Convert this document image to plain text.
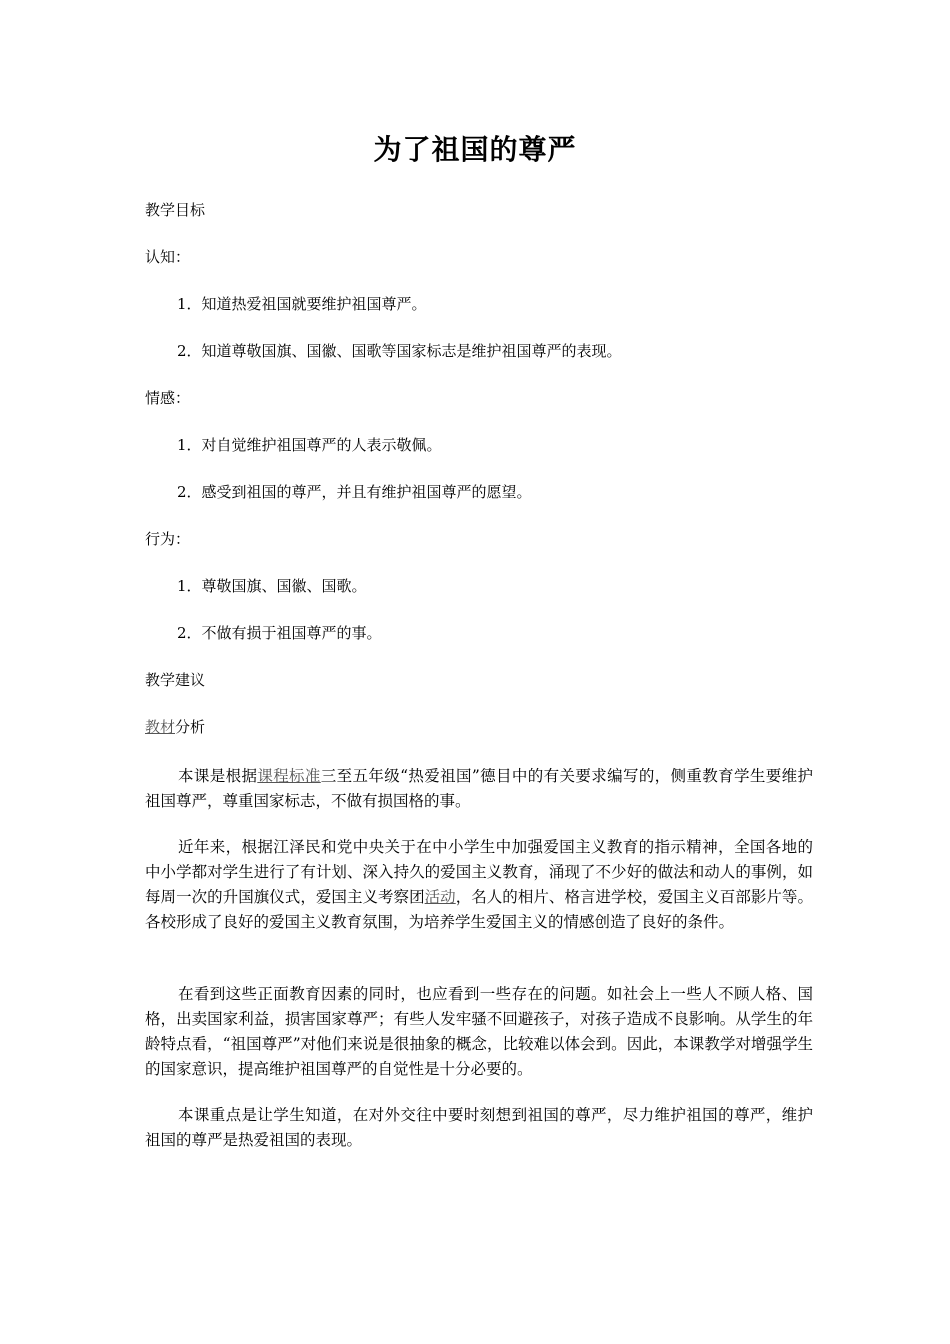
为了祖国的尊严
教学目标
认知：
1．知道热爱祖国就要维护祖国尊严。
2．知道尊敬国旗、国徽、国歌等国家标志是维护祖国尊严的表现。
情感：
1．对自觉维护祖国尊严的人表示敬佩。
2．感受到祖国的尊严，并且有维护祖国尊严的愿望。
行为：
1．尊敬国旗、国徽、国歌。
2．不做有损于祖国尊严的事。
教学建议
教材分析

本课是根据课程标准三至五年级“热爱祖国”德目中的有关要求编写的，侧重教育学生要维护祖国尊严，尊重国家标志，不做有损国格的事。

近年来，根据江泽民和党中央关于在中小学生中加强爱国主义教育的指示精神，全国各地的中小学都对学生进行了有计划、深入持久的爱国主义教育，涌现了不少好的做法和动人的事例，如每周一次的升国旗仪式，爱国主义考察团活动，名人的相片、格言进学校，爱国主义百部影片等。各校形成了良好的爱国主义教育氛围，为培养学生爱国主义的情感创造了良好的条件。

在看到这些正面教育因素的同时，也应看到一些存在的问题。如社会上一些人不顾人格、国格，出卖国家利益，损害国家尊严；有些人发牢骚不回避孩子，对孩子造成不良影响。从学生的年龄特点看，“祖国尊严”对他们来说是很抽象的概念，比较难以体会到。因此，本课教学对增强学生的国家意识，提高维护祖国尊严的自觉性是十分必要的。

本课重点是让学生知道，在对外交往中要时刻想到祖国的尊严，尽力维护祖国的尊严，维护祖国的尊严是热爱祖国的表现。
